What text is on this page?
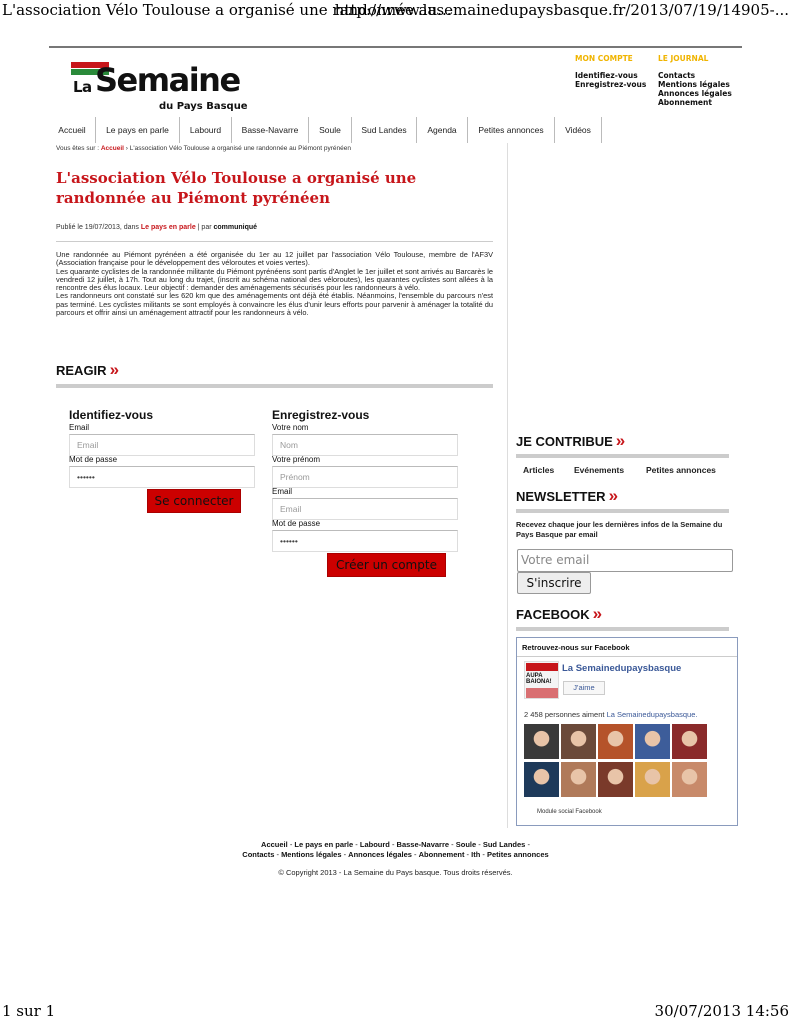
L'association Vélo Toulouse a organisé une randonnée au...
http://www.lasemainedupaysbasque.fr/2013/07/19/14905-...
La Semaine
du Pays Basque
MON COMPTE
Identifiez-vous
Enregistrez-vous
LE JOURNAL
Contacts
Mentions légales
Annonces légales
Abonnement
Accueil	Le pays en parle	Labourd	Basse-Navarre	Soule	Sud Landes	Agenda	Petites annonces	Vidéos
Vous êtes sur : Accueil › L'association Vélo Toulouse a organisé une randonnée au Piémont pyrénéen
L'association Vélo Toulouse a organisé une randonnée au Piémont pyrénéen
Publié le 19/07/2013, dans Le pays en parle | par communiqué

Une randonnée au Piémont pyrénéen a été organisée du 1er au 12 juillet par l'association Vélo Toulouse, membre de l'AF3V (Association française pour le développement des véloroutes et voies vertes).

Les quarante cyclistes de la randonnée militante du Piémont pyrénéens sont partis d'Anglet le 1er juillet et sont arrivés au Barcarès le vendredi 12 juillet, à 17h. Tout au long du trajet, (inscrit au schéma national des véloroutes), les quarantes cyclistes sont allées à la rencontre des élus locaux. Leur objectif : demander des aménagements sécurisés pour les randonneurs à vélo.

Les randonneurs ont constaté sur les 620 km que des aménagements ont déjà été établis. Néanmoins, l'ensemble du parcours n'est pas terminé. Les cyclistes militants se sont employés à convaincre les élus d'unir leurs efforts pour parvenir à aménager la totalité du parcours et offrir ainsi un aménagement attractif pour les randonneurs à vélo.

REAGIR »
Identifiez-vous
Email
Email
Mot de passe
••••••
Se connecter
Enregistrez-vous
Votre nom
Nom
Votre prénom
Prénom
Email
Email
Mot de passe
••••••
Créer un compte
JE CONTRIBUE »
Articles Evénements	Petites annonces
NEWSLETTER »
Recevez chaque jour les dernières infos de la Semaine du Pays Basque par email
Votre email
S'inscrire
FACEBOOK »
Retrouvez-nous sur Facebook
AUPA
BAIONA!
La Semainedupaysbasque
J'aime
2 458 personnes aiment La Semainedupaysbasque.
Module social Facebook
Accueil - Le pays en parle - Labourd - Basse-Navarre - Soule - Sud Landes -
Contacts - Mentions légales - Annonces légales - Abonnement - Ith - Petites annonces
© Copyright 2013 - La Semaine du Pays basque. Tous droits réservés.
1 sur 1	30/07/2013 14:56
